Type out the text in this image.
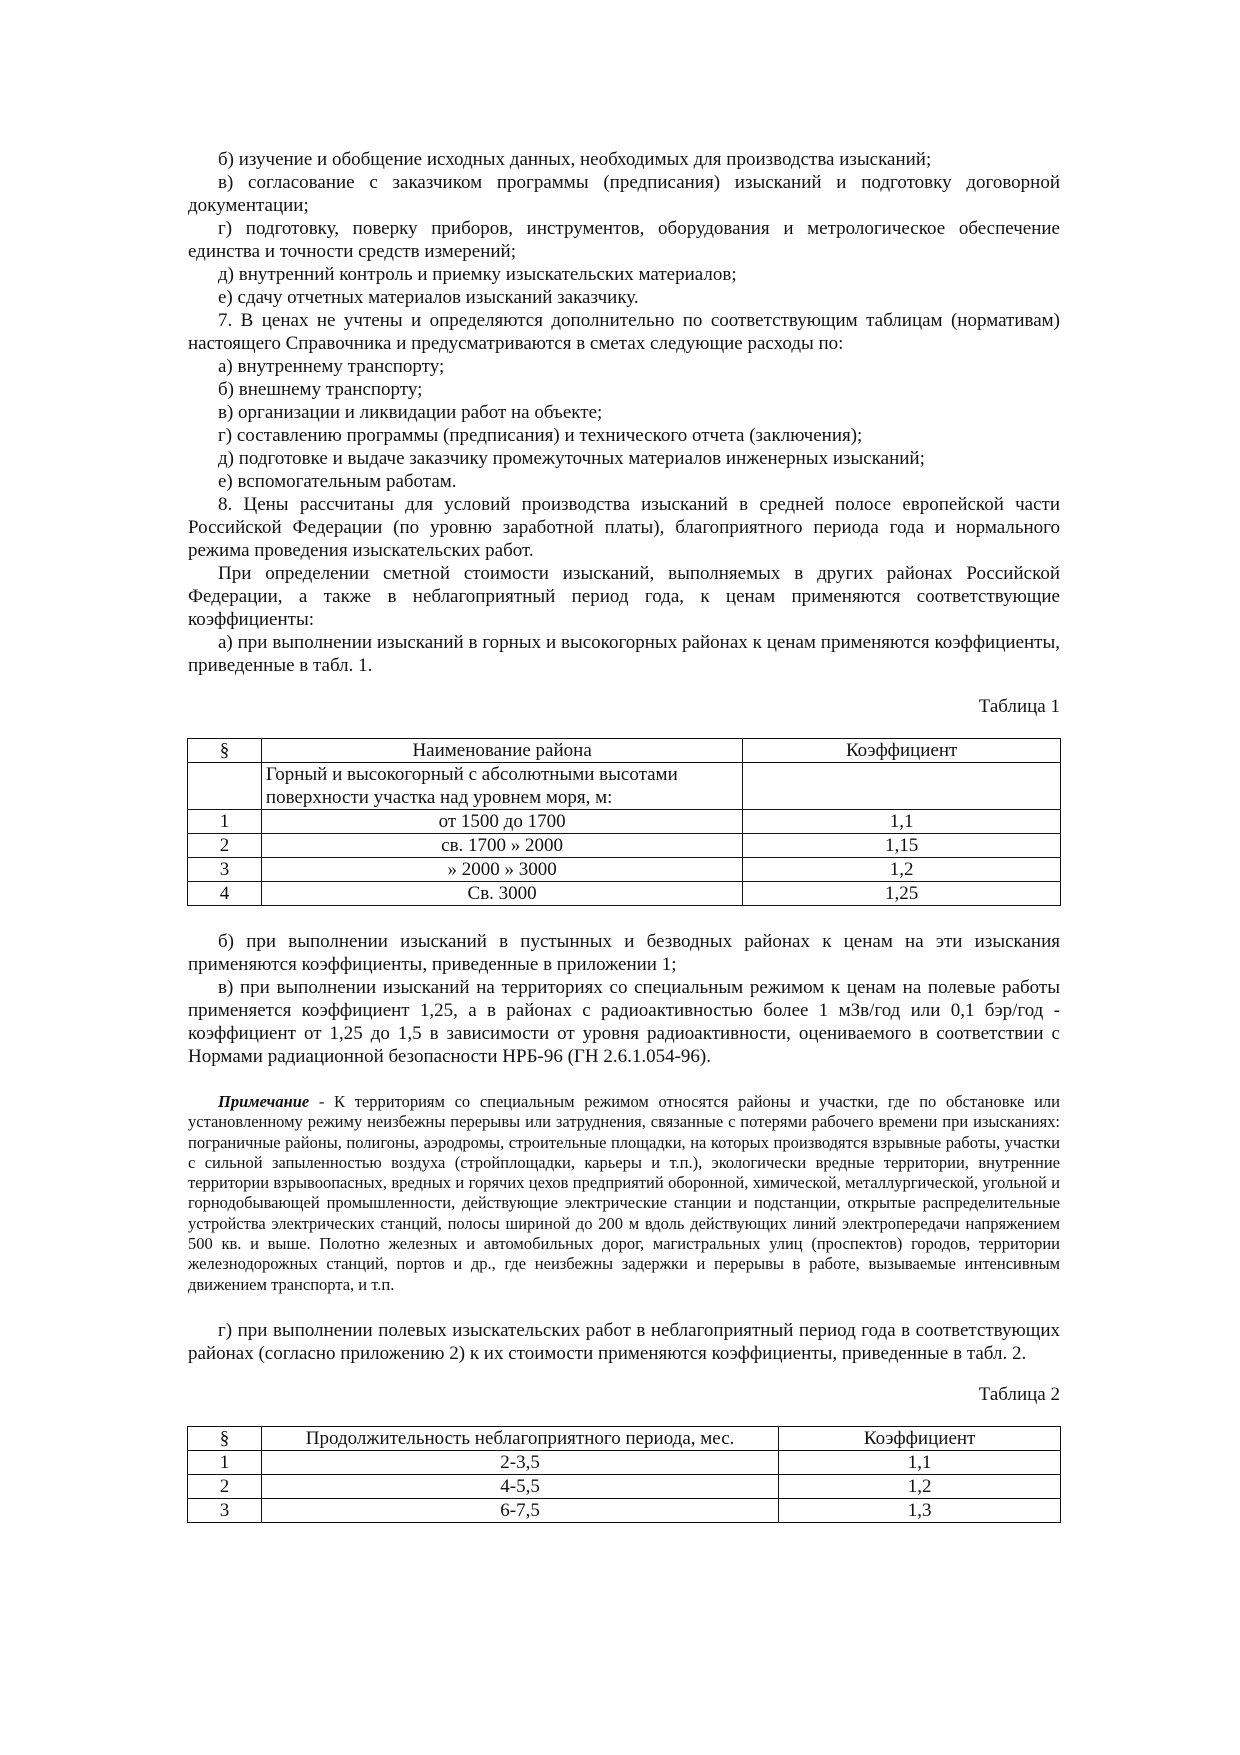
б) изучение и обобщение исходных данных, необходимых для производства изысканий;

в) согласование с заказчиком программы (предписания) изысканий и подготовку договорной документации;

г) подготовку, поверку приборов, инструментов, оборудования и метрологическое обеспечение единства и точности средств измерений;

д) внутренний контроль и приемку изыскательских материалов;

е) сдачу отчетных материалов изысканий заказчику.

7. В ценах не учтены и определяются дополнительно по соответствующим таблицам (нормативам) настоящего Справочника и предусматриваются в сметах следующие расходы по:

а) внутреннему транспорту;

б) внешнему транспорту;

в) организации и ликвидации работ на объекте;

г) составлению программы (предписания) и технического отчета (заключения);

д) подготовке и выдаче заказчику промежуточных материалов инженерных изысканий;

е) вспомогательным работам.

8. Цены рассчитаны для условий производства изысканий в средней полосе европейской части Российской Федерации (по уровню заработной платы), благоприятного периода года и нормального режима проведения изыскательских работ.

При определении сметной стоимости изысканий, выполняемых в других районах Российской Федерации, а также в неблагоприятный период года, к ценам применяются соответствующие коэффициенты:

а) при выполнении изысканий в горных и высокогорных районах к ценам применяются коэффициенты, приведенные в табл. 1.

Таблица 1

§	Наименование района	Коэффициент
	Горный и высокогорный с абсолютными высотами поверхности участка над уровнем моря, м:	
1	от 1500 до 1700	1,1
2	св. 1700 » 2000	1,15
3	» 2000 » 3000	1,2
4	Св. 3000	1,25

б) при выполнении изысканий в пустынных и безводных районах к ценам на эти изыскания применяются коэффициенты, приведенные в приложении 1;

в) при выполнении изысканий на территориях со специальным режимом к ценам на полевые работы применяется коэффициент 1,25, а в районах с радиоактивностью более 1 мЗв/год или 0,1 бэр/год - коэффициент от 1,25 до 1,5 в зависимости от уровня радиоактивности, оцениваемого в соответствии с Нормами радиационной безопасности НРБ-96 (ГН 2.6.1.054-96).

Примечание - К территориям со специальным режимом относятся районы и участки, где по обстановке или установленному режиму неизбежны перерывы или затруднения, связанные с потерями рабочего времени при изысканиях: пограничные районы, полигоны, аэродромы, строительные площадки, на которых производятся взрывные работы, участки с сильной запыленностью воздуха (стройплощадки, карьеры и т.п.), экологически вредные территории, внутренние территории взрывоопасных, вредных и горячих цехов предприятий оборонной, химической, металлургической, угольной и горнодобывающей промышленности, действующие электрические станции и подстанции, открытые распределительные устройства электрических станций, полосы шириной до 200 м вдоль действующих линий электропередачи напряжением 500 кв. и выше. Полотно железных и автомобильных дорог, магистральных улиц (проспектов) городов, территории железнодорожных станций, портов и др., где неизбежны задержки и перерывы в работе, вызываемые интенсивным движением транспорта, и т.п.

г) при выполнении полевых изыскательских работ в неблагоприятный период года в соответствующих районах (согласно приложению 2) к их стоимости применяются коэффициенты, приведенные в табл. 2.

Таблица 2

§	Продолжительность неблагоприятного периода, мес.	Коэффициент
1	2-3,5	1,1
2	4-5,5	1,2
3	6-7,5	1,3
